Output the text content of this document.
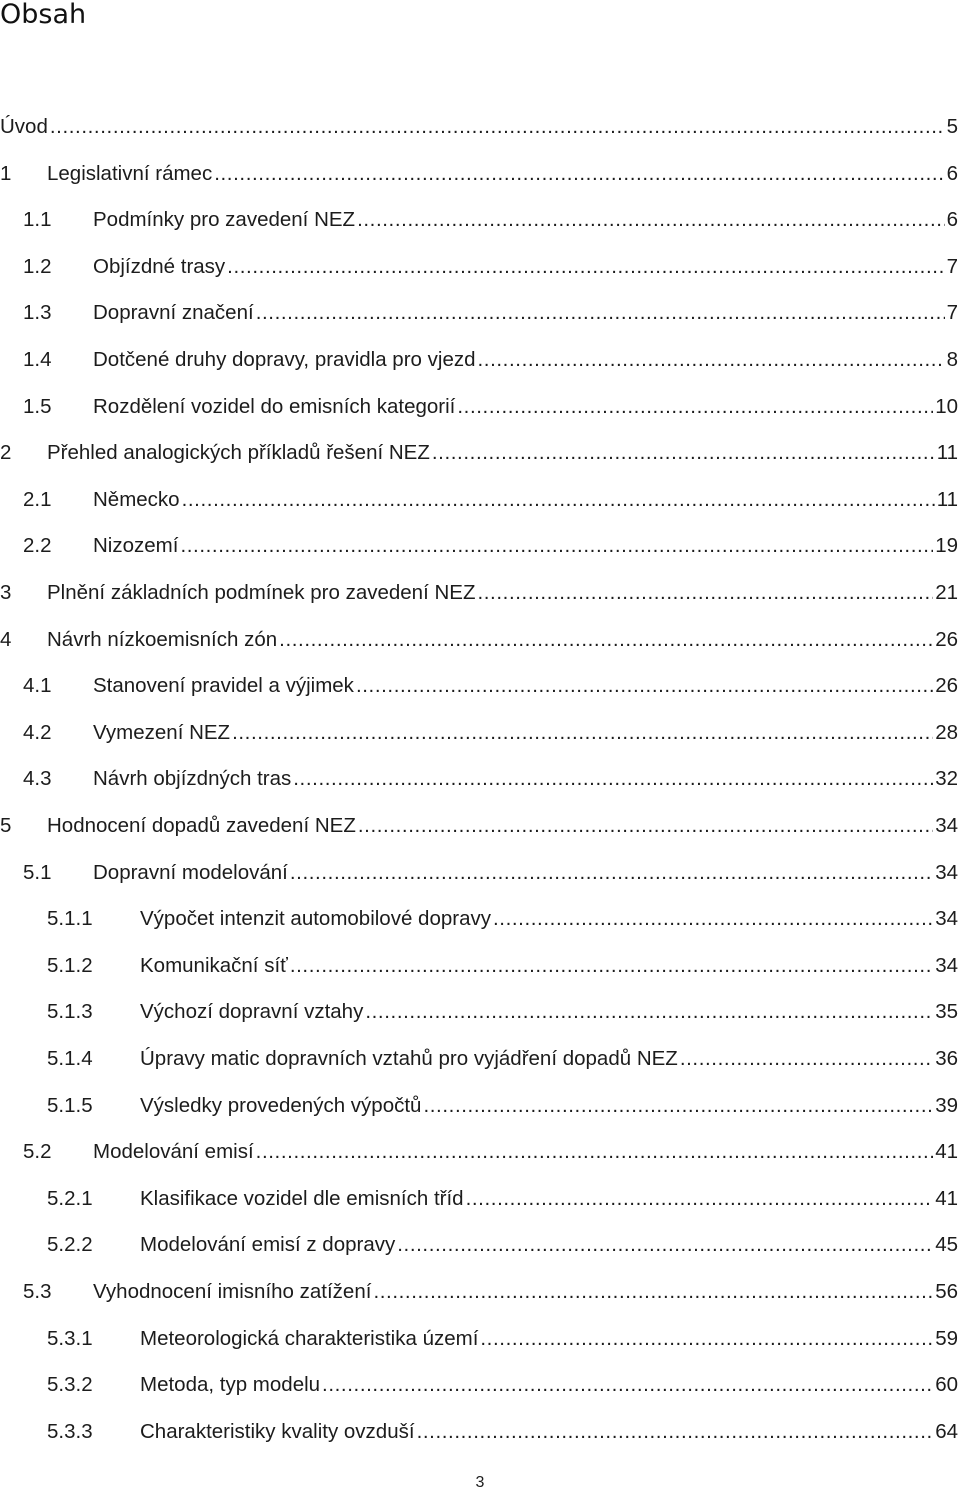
Obsah
Úvod .....	5
1 Legislativní rámec .....	6
1.1 Podmínky pro zavedení NEZ .....	6
1.2 Objízdné trasy .....	7
1.3 Dopravní značení .....	7
1.4 Dotčené druhy dopravy, pravidla pro vjezd .....	8
1.5 Rozdělení vozidel do emisních kategorií .....	10
2 Přehled analogických příkladů řešení NEZ .....	11
2.1 Německo .....	11
2.2 Nizozemí .....	19
3 Plnění základních podmínek pro zavedení NEZ .....	21
4 Návrh nízkoemisních zón .....	26
4.1 Stanovení pravidel a výjimek .....	26
4.2 Vymezení NEZ .....	28
4.3 Návrh objízdných tras .....	32
5 Hodnocení dopadů zavedení NEZ .....	34
5.1 Dopravní modelování .....	34
5.1.1 Výpočet intenzit automobilové dopravy .....	34
5.1.2 Komunikační síť .....	34
5.1.3 Výchozí dopravní vztahy .....	35
5.1.4 Úpravy matic dopravních vztahů pro vyjádření dopadů NEZ .....	36
5.1.5 Výsledky provedených výpočtů .....	39
5.2 Modelování emisí .....	41
5.2.1 Klasifikace vozidel dle emisních tříd .....	41
5.2.2 Modelování emisí z dopravy .....	45
5.3 Vyhodnocení imisního zatížení .....	56
5.3.1 Meteorologická charakteristika území .....	59
5.3.2 Metoda, typ modelu .....	60
5.3.3 Charakteristiky kvality ovzduší .....	64
3
